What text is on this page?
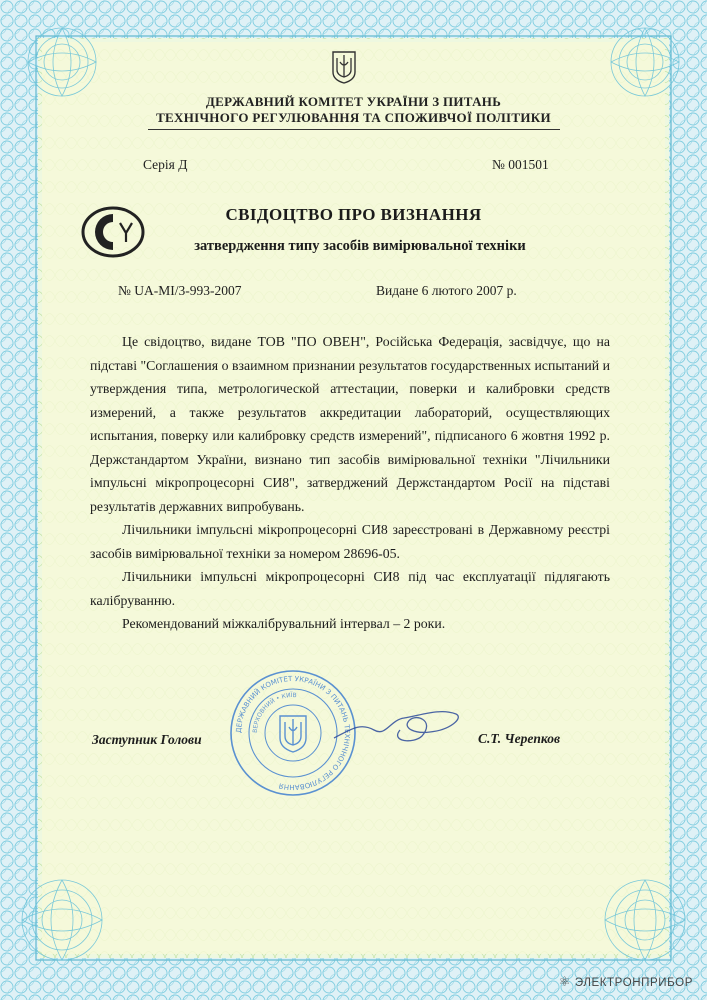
ДЕРЖАВНИЙ КОМІТЕТ УКРАЇНИ З ПИТАНЬ
ТЕХНІЧНОГО РЕГУЛЮВАННЯ ТА СПОЖИВЧОЇ ПОЛІТИКИ
Серія Д	№ 001501
СВІДОЦТВО ПРО ВИЗНАННЯ
затвердження типу засобів вимірювальної техніки
№ UA-MI/3-993-2007	Видане 6 лютого 2007 р.

Це свідоцтво, видане ТОВ "ПО ОВЕН", Російська Федерація, засвідчує, що на підставі "Соглашения о взаимном признании результатов государственных испытаний и утверждения типа, метрологической аттестации, поверки и калибровки средств измерений, а также результатов аккредитации лабораторий, осуществляющих испытания, поверку или калибровку средств измерений", підписаного 6 жовтня 1992 р. Держстандартом України, визнано тип засобів вимірювальної техніки "Лічильники імпульсні мікропроцесорні СИ8", затверджений Держстандартом Росії на підставі результатів державних випробувань.

Лічильники імпульсні мікропроцесорні СИ8 зареєстровані в Державному реєстрі засобів вимірювальної техніки за номером 28696-05.

Лічильники імпульсні мікропроцесорні СИ8 під час експлуатації підлягають калібруванню.

Рекомендований міжкалібрувальний інтервал – 2 роки.

ДЕРЖАВНИЙ КОМІТЕТ УКРАЇНИ З ПИТАНЬ ТЕХНІЧНОГО РЕГУЛЮВАННЯ
ВЕРХОВНИЙ • КИЇВ
Заступник Голови	С.Т. Черепков
⚛ ЭЛЕКТРОНПРИБОР
